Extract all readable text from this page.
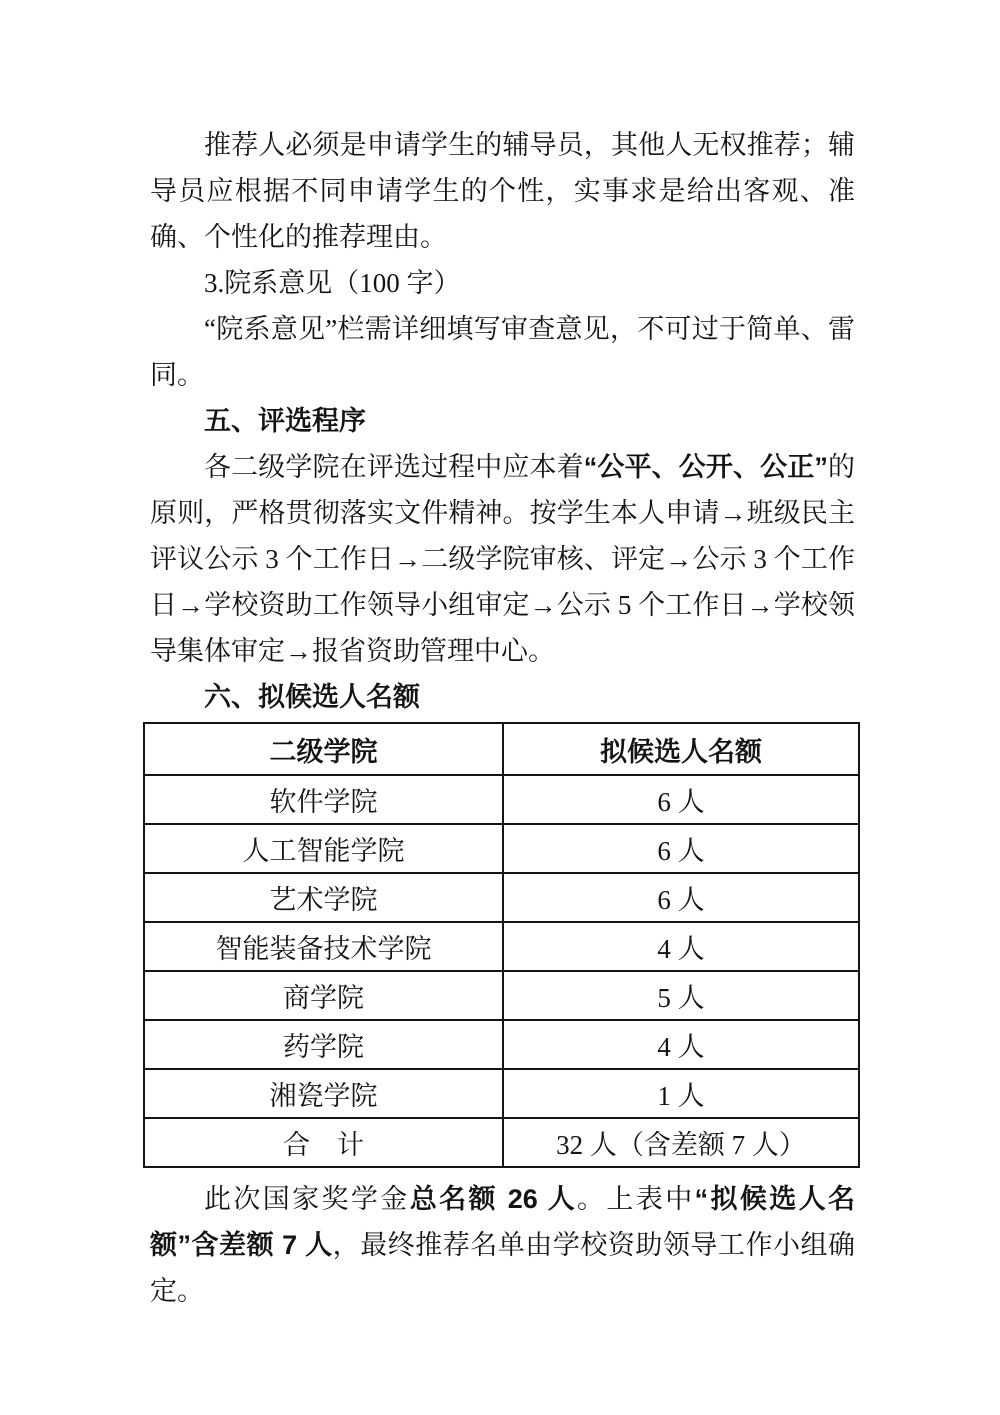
推荐人必须是申请学生的辅导员，其他人无权推荐；辅导员应根据不同申请学生的个性，实事求是给出客观、准确、个性化的推荐理由。

3.院系意见（100 字）

“院系意见”栏需详细填写审查意见，不可过于简单、雷同。

五、评选程序

各二级学院在评选过程中应本着“公平、公开、公正”的原则，严格贯彻落实文件精神。按学生本人申请→班级民主评议公示 3 个工作日→二级学院审核、评定→公示 3 个工作日→学校资助工作领导小组审定→公示 5 个工作日→学校领导集体审定→报省资助管理中心。

六、拟候选人名额
二级学院	拟候选人名额
软件学院	6 人
人工智能学院	6 人
艺术学院	6 人
智能装备技术学院	4 人
商学院	5 人
药学院	4 人
湘瓷学院	1 人
合　计	32 人（含差额 7 人）

此次国家奖学金总名额 26 人。上表中“拟候选人名额”含差额 7 人，最终推荐名单由学校资助领导工作小组确定。
